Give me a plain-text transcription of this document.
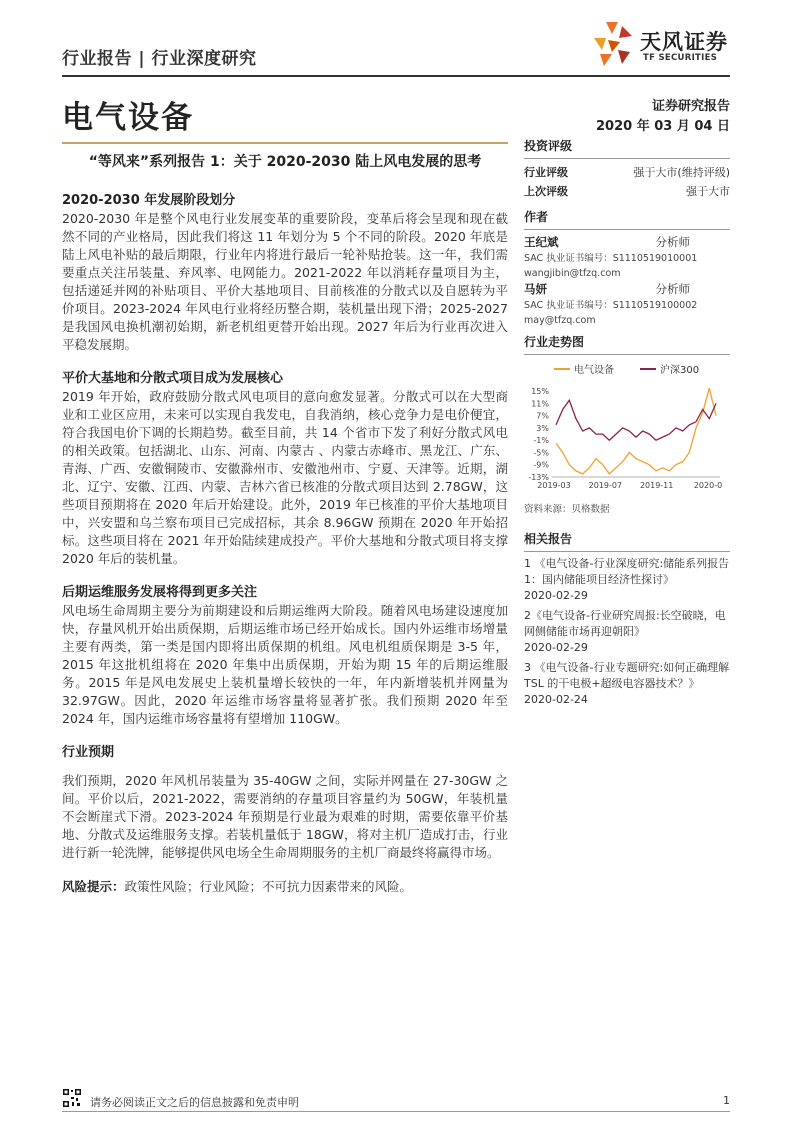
行业报告 | 行业深度研究
天风证券
TF SECURITIES
电气设备	证券研究报告
2020 年 03 月 04 日
“等风来”系列报告 1：关于 2020-2030 陆上风电发展的思考
2020-2030 年发展阶段划分

2020-2030 年是整个风电行业发展变革的重要阶段，变革后将会呈现和现在截然不同的产业格局，因此我们将这 11 年划分为 5 个不同的阶段。2020 年底是陆上风电补贴的最后期限，行业年内将进行最后一轮补贴抢装。这一年，我们需要重点关注吊装量、弃风率、电网能力。2021-2022 年以消耗存量项目为主，包括递延并网的补贴项目、平价大基地项目、目前核准的分散式以及自愿转为平价项目。2023-2024 年风电行业将经历整合期，装机量出现下滑；2025-2027 是我国风电换机潮初始期，新老机组更替开始出现。2027 年后为行业再次进入平稳发展期。

平价大基地和分散式项目成为发展核心

2019 年开始，政府鼓励分散式风电项目的意向愈发显著。分散式可以在大型商业和工业区应用，未来可以实现自我发电，自我消纳，核心竞争力是电价便宜，符合我国电价下调的长期趋势。截至目前，共 14 个省市下发了利好分散式风电的相关政策。包括湖北、山东、河南、内蒙古 、内蒙古赤峰市、黑龙江、广东、青海、广西、安徽铜陵市、安徽滁州市、安徽池州市、宁夏、天津等。近期，湖北、辽宁、安徽、江西、内蒙、吉林六省已核准的分散式项目达到 2.78GW，这些项目预期将在 2020 年后开始建设。此外，2019 年已核准的平价大基地项目中，兴安盟和乌兰察布项目已完成招标，其余 8.96GW 预期在 2020 年开始招标。这些项目将在 2021 年开始陆续建成投产。平价大基地和分散式项目将支撑 2020 年后的装机量。

后期运维服务发展将得到更多关注

风电场生命周期主要分为前期建设和后期运维两大阶段。随着风电场建设速度加快，存量风机开始出质保期，后期运维市场已经开始成长。国内外运维市场增量主要有两类，第一类是国内即将出质保期的机组。风电机组质保期是 3-5 年， 2015 年这批机组将在 2020 年集中出质保期，开始为期 15 年的后期运维服务。2015 年是风电发展史上装机量增长较快的一年，年内新增装机并网量为 32.97GW。因此，2020 年运维市场容量将显著扩张。我们预期 2020 年至 2024 年，国内运维市场容量将有望增加 110GW。

行业预期

我们预期，2020 年风机吊装量为 35-40GW 之间，实际并网量在 27-30GW 之间。平价以后，2021-2022，需要消纳的存量项目容量约为 50GW，年装机量不会断崖式下滑。2023-2024 年预期是行业最为艰难的时期，需要依靠平价基地、分散式及运维服务支撑。若装机量低于 18GW，将对主机厂造成打击，行业进行新一轮洗牌，能够提供风电场全生命周期服务的主机厂商最终将赢得市场。

风险提示：政策性风险；行业风险；不可抗力因素带来的风险。

投资评级
行业评级	强于大市(维持评级)
上次评级	强于大市
作者
王纪斌	分析师
SAC 执业证书编号：S1110519010001
wangjibin@tfzq.com
马妍	分析师
SAC 执业证书编号：S1110519100002
may@tfzq.com
行业走势图
电气设备	沪深300
15%
11%
7%
3%
-1%
-5%
-9%
-13%
2019-03 2019-07 2019-11	2020-0
资料来源：贝格数据
相关报告
1 《电气设备-行业深度研究:储能系列报告 1：国内储能项目经济性探讨》
2020-02-29
2《电气设备-行业研究周报:长空破晓，电网侧储能市场再迎朝阳》
2020-02-29
3 《电气设备-行业专题研究:如何正确理解 TSL 的干电极+超级电容器技术？》
2020-02-24
请务必阅读正文之后的信息披露和免责申明	1
